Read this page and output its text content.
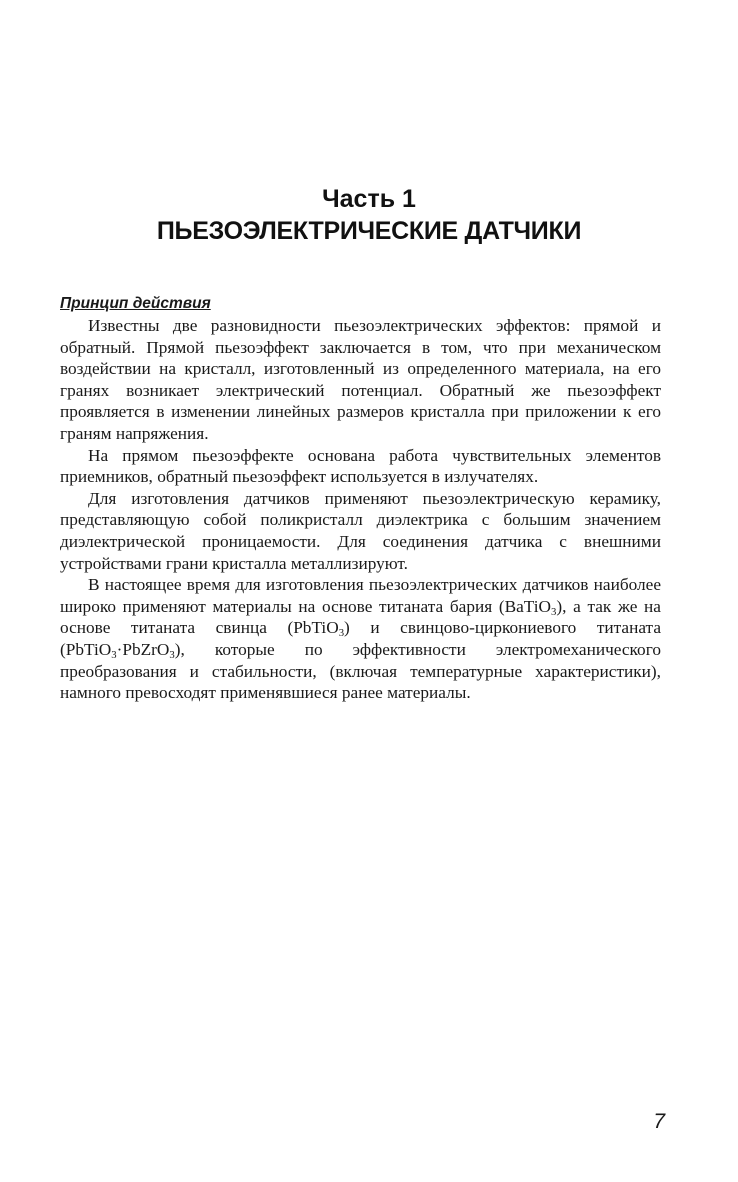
Часть 1
ПЬЕЗОЭЛЕКТРИЧЕСКИЕ ДАТЧИКИ
Принцип действия

Известны две разновидности пьезоэлектрических эффектов: прямой и обратный. Прямой пьезоэффект заключается в том, что при механическом воздействии на кристалл, изготовленный из определенного материала, на его гранях возникает электрический потенциал. Обратный же пьезоэффект проявляется в изменении линейных размеров кристалла при приложении к его граням напряжения.

На прямом пьезоэффекте основана работа чувствительных элементов приемников, обратный пьезоэффект используется в излучателях.

Для изготовления датчиков применяют пьезоэлектрическую керамику, представляющую собой поликристалл диэлектрика с большим значением диэлектрической проницаемости. Для соединения датчика с внешними устройствами грани кристалла металлизируют.

В настоящее время для изготовления пьезоэлектрических датчиков наиболее широко применяют материалы на основе титаната бария (BaTiO$_3$), а так же на основе титаната свинца (PbTiO$_3$) и свинцово-циркониевого титаната (PbTiO$_3$·PbZrO$_3$), которые по эффективности электромеханического преобразования и стабильности, (включая температурные характеристики), намного превосходят применявшиеся ранее материалы.

7
